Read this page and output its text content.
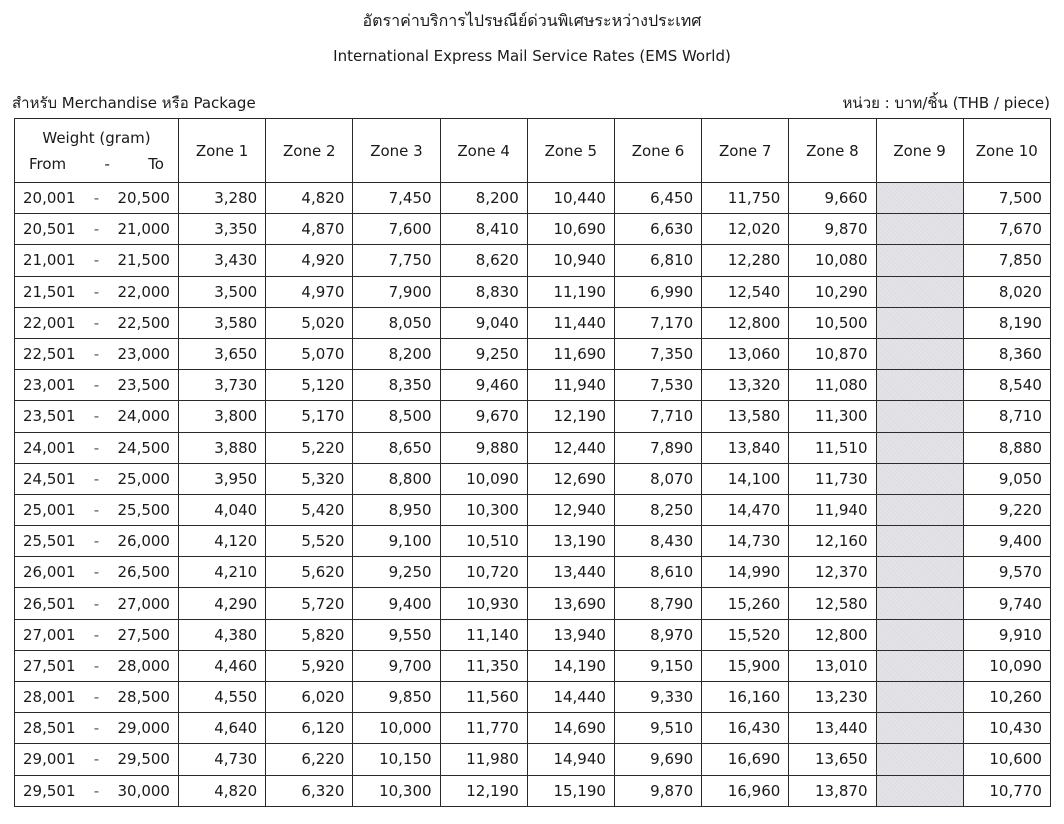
อัตราค่าบริการไปรษณีย์ด่วนพิเศษระหว่างประเทศ
International Express Mail Service Rates (EMS World)
สำหรับ Merchandise หรือ Package	หน่วย : บาท/ชิ้น (THB / piece)
Weight (gram)
From - To	Zone 1	Zone 2	Zone 3	Zone 4	Zone 5	Zone 6	Zone 7	Zone 8	Zone 9	Zone 10

20,001 - 20,500	3,280	4,820	7,450	8,200	10,440	6,450	11,750	9,660		7,500

20,501 - 21,000	3,350	4,870	7,600	8,410	10,690	6,630	12,020	9,870		7,670

21,001 - 21,500	3,430	4,920	7,750	8,620	10,940	6,810	12,280	10,080		7,850

21,501 - 22,000	3,500	4,970	7,900	8,830	11,190	6,990	12,540	10,290		8,020

22,001 - 22,500	3,580	5,020	8,050	9,040	11,440	7,170	12,800	10,500		8,190

22,501 - 23,000	3,650	5,070	8,200	9,250	11,690	7,350	13,060	10,870		8,360

23,001 - 23,500	3,730	5,120	8,350	9,460	11,940	7,530	13,320	11,080		8,540

23,501 - 24,000	3,800	5,170	8,500	9,670	12,190	7,710	13,580	11,300		8,710

24,001 - 24,500	3,880	5,220	8,650	9,880	12,440	7,890	13,840	11,510		8,880

24,501 - 25,000	3,950	5,320	8,800	10,090	12,690	8,070	14,100	11,730		9,050

25,001 - 25,500	4,040	5,420	8,950	10,300	12,940	8,250	14,470	11,940		9,220

25,501 - 26,000	4,120	5,520	9,100	10,510	13,190	8,430	14,730	12,160		9,400

26,001 - 26,500	4,210	5,620	9,250	10,720	13,440	8,610	14,990	12,370		9,570

26,501 - 27,000	4,290	5,720	9,400	10,930	13,690	8,790	15,260	12,580		9,740

27,001 - 27,500	4,380	5,820	9,550	11,140	13,940	8,970	15,520	12,800		9,910

27,501 - 28,000	4,460	5,920	9,700	11,350	14,190	9,150	15,900	13,010		10,090

28,001 - 28,500	4,550	6,020	9,850	11,560	14,440	9,330	16,160	13,230		10,260

28,501 - 29,000	4,640	6,120	10,000	11,770	14,690	9,510	16,430	13,440		10,430

29,001 - 29,500	4,730	6,220	10,150	11,980	14,940	9,690	16,690	13,650		10,600

29,501 - 30,000	4,820	6,320	10,300	12,190	15,190	9,870	16,960	13,870		10,770
